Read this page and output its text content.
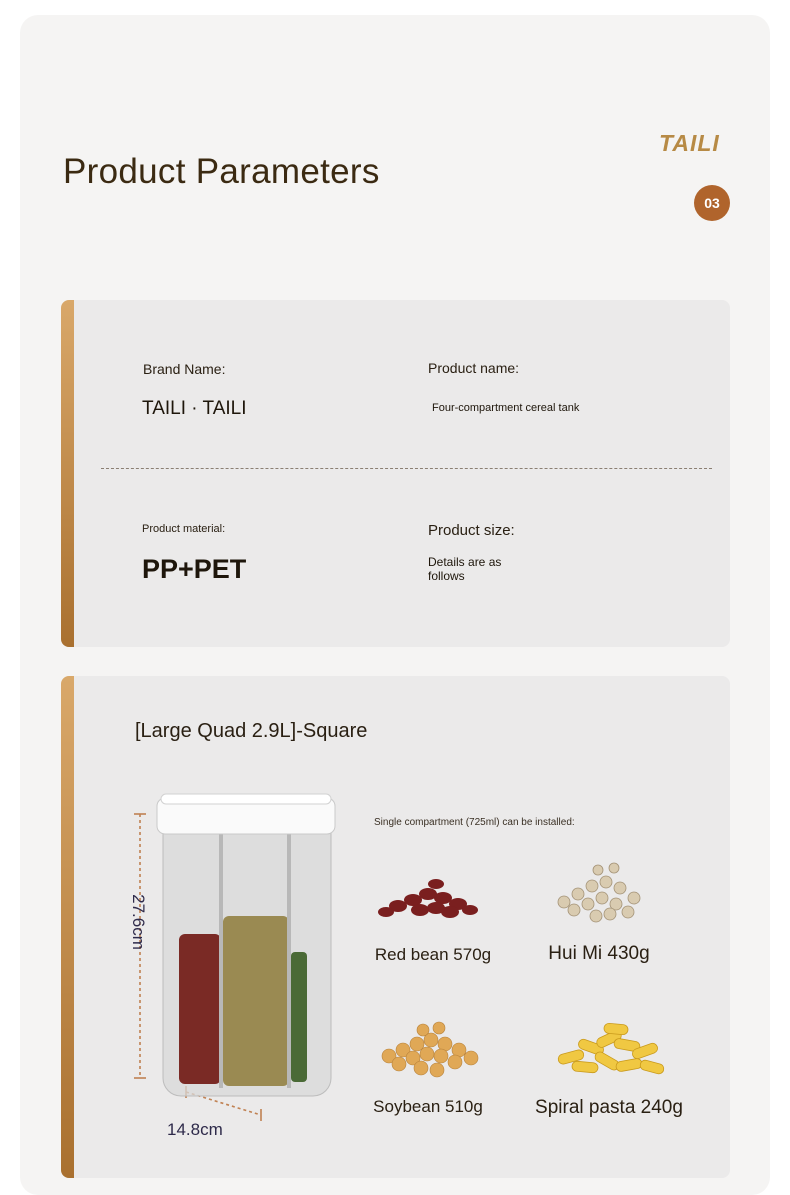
Product Parameters
TAILI
03
Brand Name:
TAILI · TAILI
Product name:
Four-compartment cereal tank
Product material:
PP+PET
Product size:
Details are as
follows
[Large Quad 2.9L]-Square
27.6cm
14.8cm
Single compartment (725ml) can be installed:
Red bean 570g	Hui Mi 430g
Soybean 510g	Spiral pasta 240g
